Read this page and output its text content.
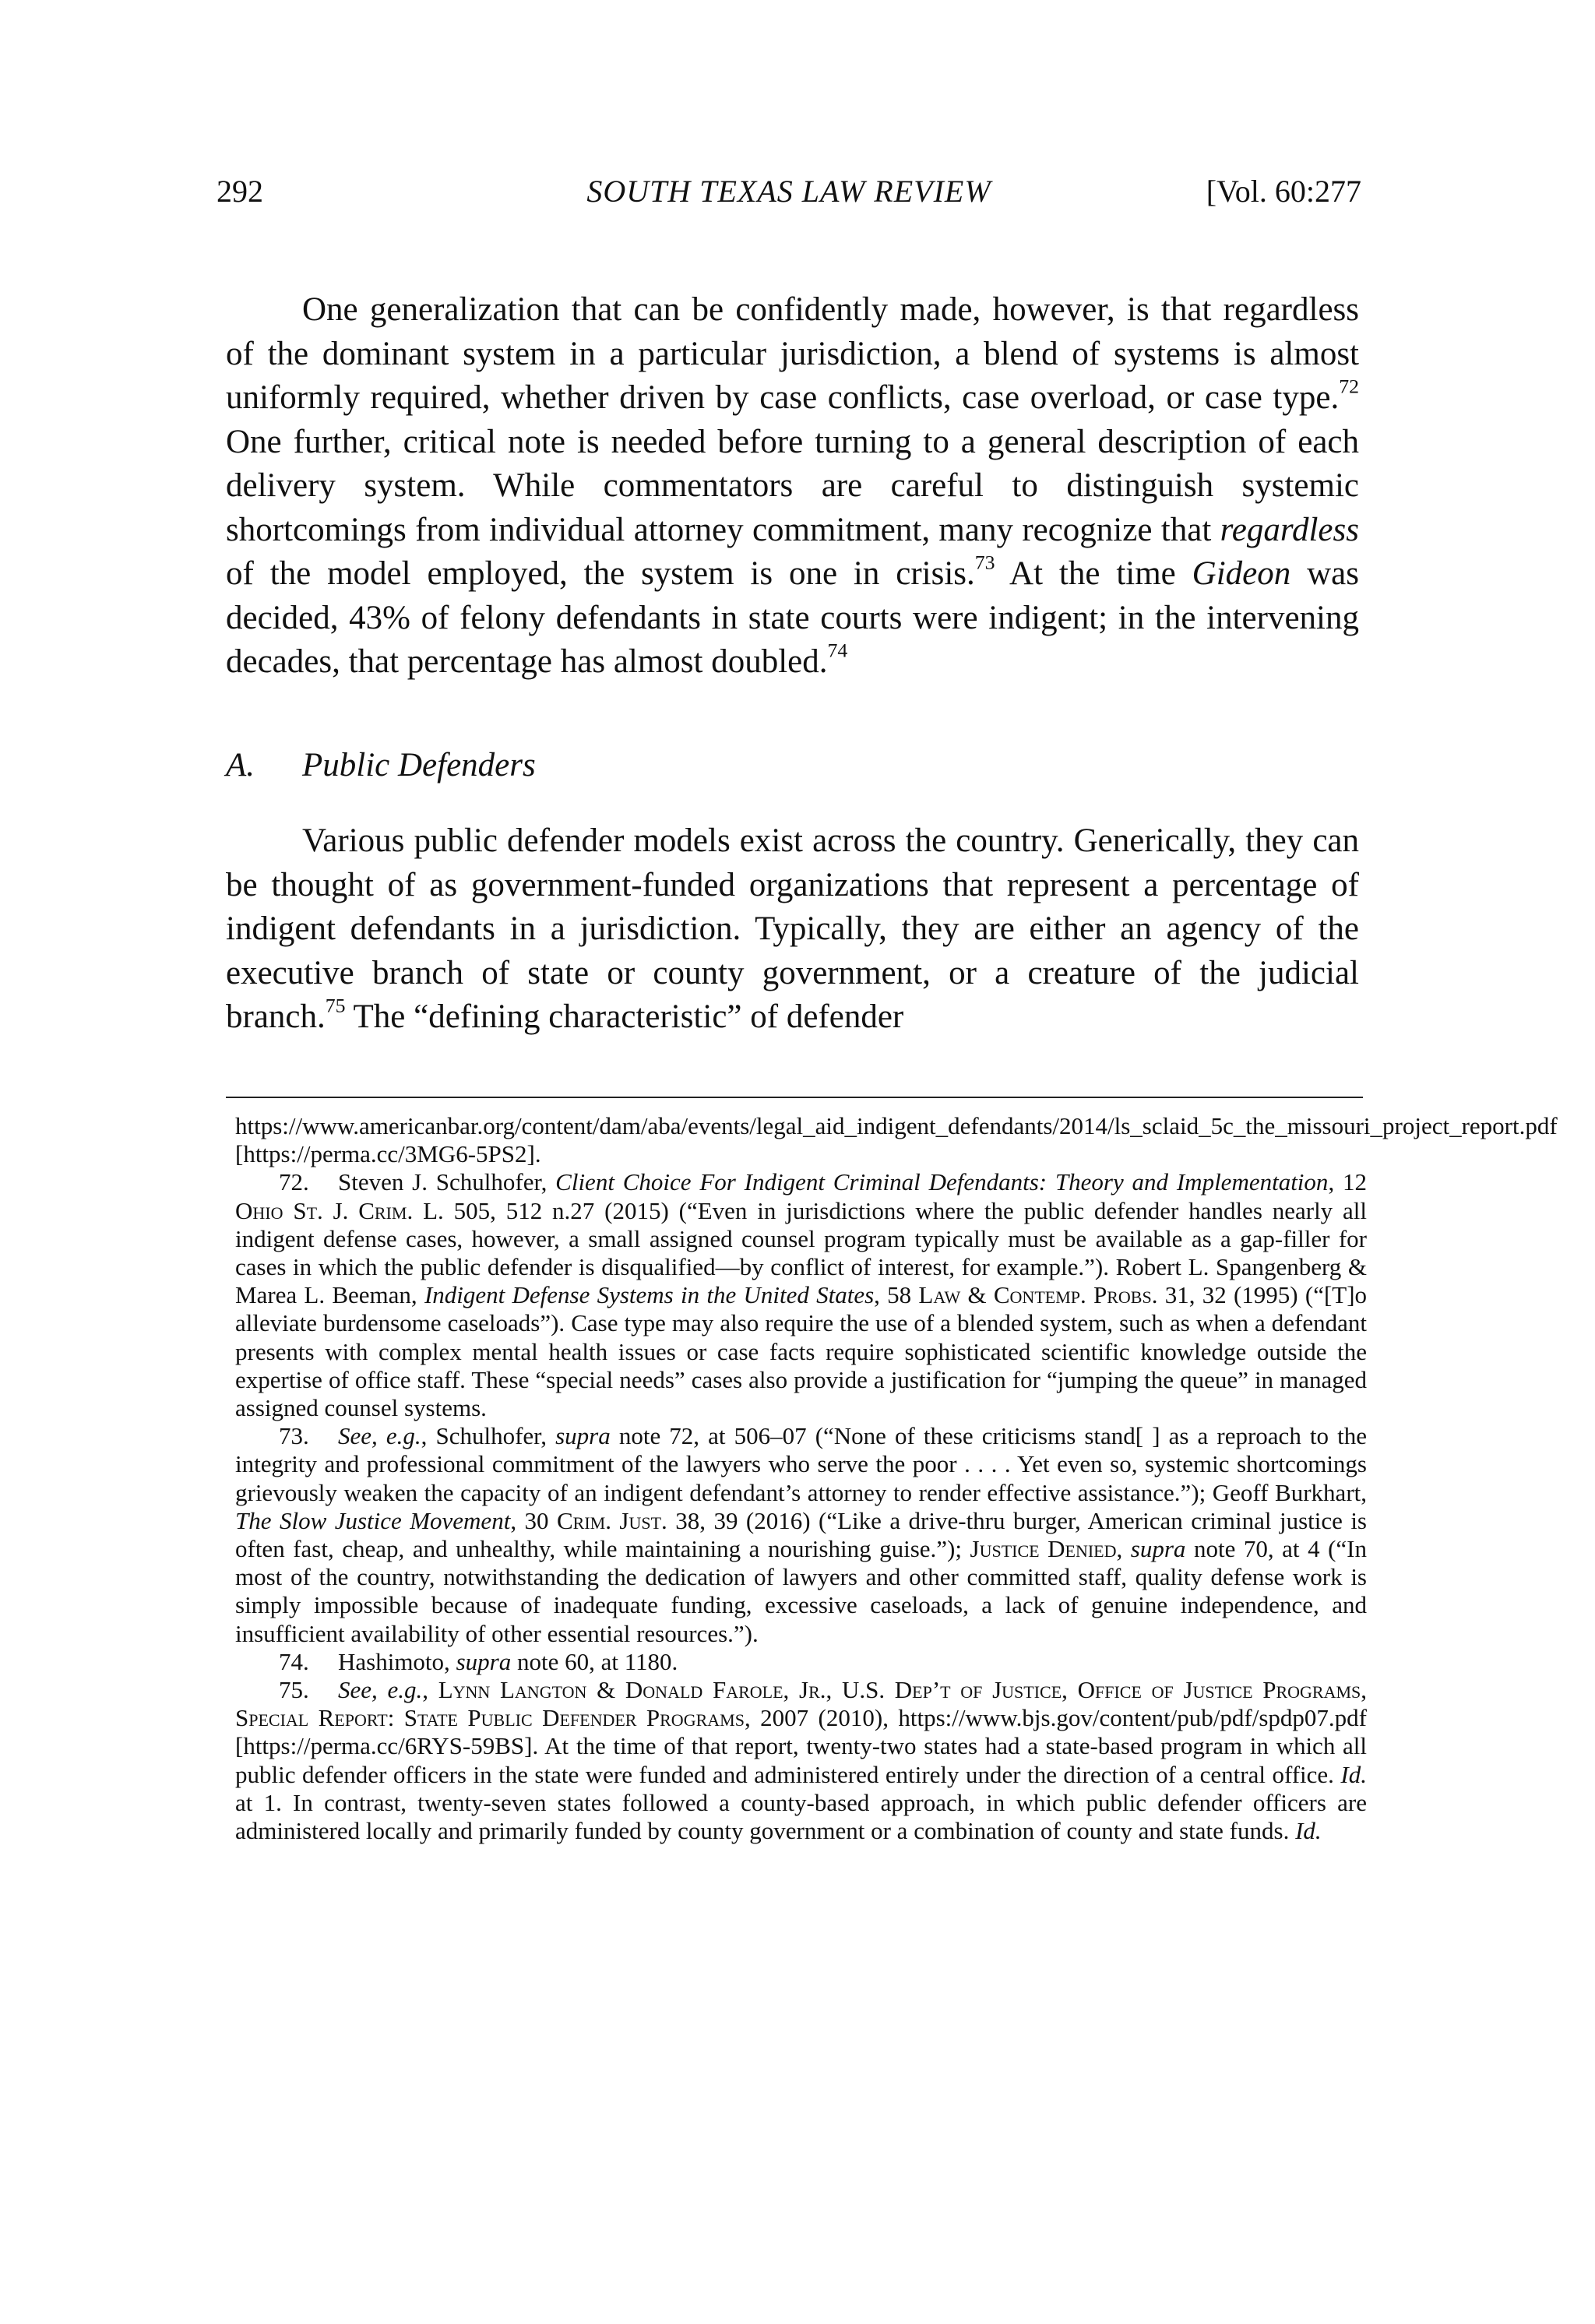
292	SOUTH TEXAS LAW REVIEW	[Vol. 60:277

One generalization that can be confidently made, however, is that regardless of the dominant system in a particular jurisdiction, a blend of systems is almost uniformly required, whether driven by case conflicts, case overload, or case type.$^{72}$ One further, critical note is needed before turning to a general description of each delivery system. While commentators are careful to distinguish systemic shortcomings from individual attorney commitment, many recognize that regardless of the model employed, the system is one in crisis.$^{73}$ At the time Gideon was decided, 43% of felony defendants in state courts were indigent; in the intervening decades, that percentage has almost doubled.$^{74}$

A. Public Defenders

Various public defender models exist across the country. Generically, they can be thought of as government-funded organizations that represent a percentage of indigent defendants in a jurisdiction. Typically, they are either an agency of the executive branch of state or county government, or a creature of the judicial branch.$^{75}$ The “defining characteristic” of defender

https://www.americanbar.org/content/dam/aba/events/legal_aid_indigent_defendants/2014/ls_sclaid_5c_the_missouri_project_report.pdf [https://perma.cc/3MG6-5PS2].

72. Steven J. Schulhofer, Client Choice For Indigent Criminal Defendants: Theory and Implementation, 12 Ohio St. J. Crim. L. 505, 512 n.27 (2015) (“Even in jurisdictions where the public defender handles nearly all indigent defense cases, however, a small assigned counsel program typically must be available as a gap-filler for cases in which the public defender is disqualified—by conflict of interest, for example.”). Robert L. Spangenberg & Marea L. Beeman, Indigent Defense Systems in the United States, 58 Law & Contemp. Probs. 31, 32 (1995) (“[T]o alleviate burdensome caseloads”). Case type may also require the use of a blended system, such as when a defendant presents with complex mental health issues or case facts require sophisticated scientific knowledge outside the expertise of office staff. These “special needs” cases also provide a justification for “jumping the queue” in managed assigned counsel systems.

73. See, e.g., Schulhofer, supra note 72, at 506–07 (“None of these criticisms stand[ ] as a reproach to the integrity and professional commitment of the lawyers who serve the poor . . . . Yet even so, systemic shortcomings grievously weaken the capacity of an indigent defendant’s attorney to render effective assistance.”); Geoff Burkhart, The Slow Justice Movement, 30 Crim. Just. 38, 39 (2016) (“Like a drive-thru burger, American criminal justice is often fast, cheap, and unhealthy, while maintaining a nourishing guise.”); Justice Denied, supra note 70, at 4 (“In most of the country, notwithstanding the dedication of lawyers and other committed staff, quality defense work is simply impossible because of inadequate funding, excessive caseloads, a lack of genuine independence, and insufficient availability of other essential resources.”).

74. Hashimoto, supra note 60, at 1180.

75. See, e.g., Lynn Langton & Donald Farole, Jr., U.S. Dep’t of Justice, Office of Justice Programs, Special Report: State Public Defender Programs, 2007 (2010), https://www.bjs.gov/content/pub/pdf/spdp07.pdf [https://perma.cc/6RYS-59BS]. At the time of that report, twenty-two states had a state-based program in which all public defender officers in the state were funded and administered entirely under the direction of a central office. Id. at 1. In contrast, twenty-seven states followed a county-based approach, in which public defender officers are administered locally and primarily funded by county government or a combination of county and state funds. Id.
